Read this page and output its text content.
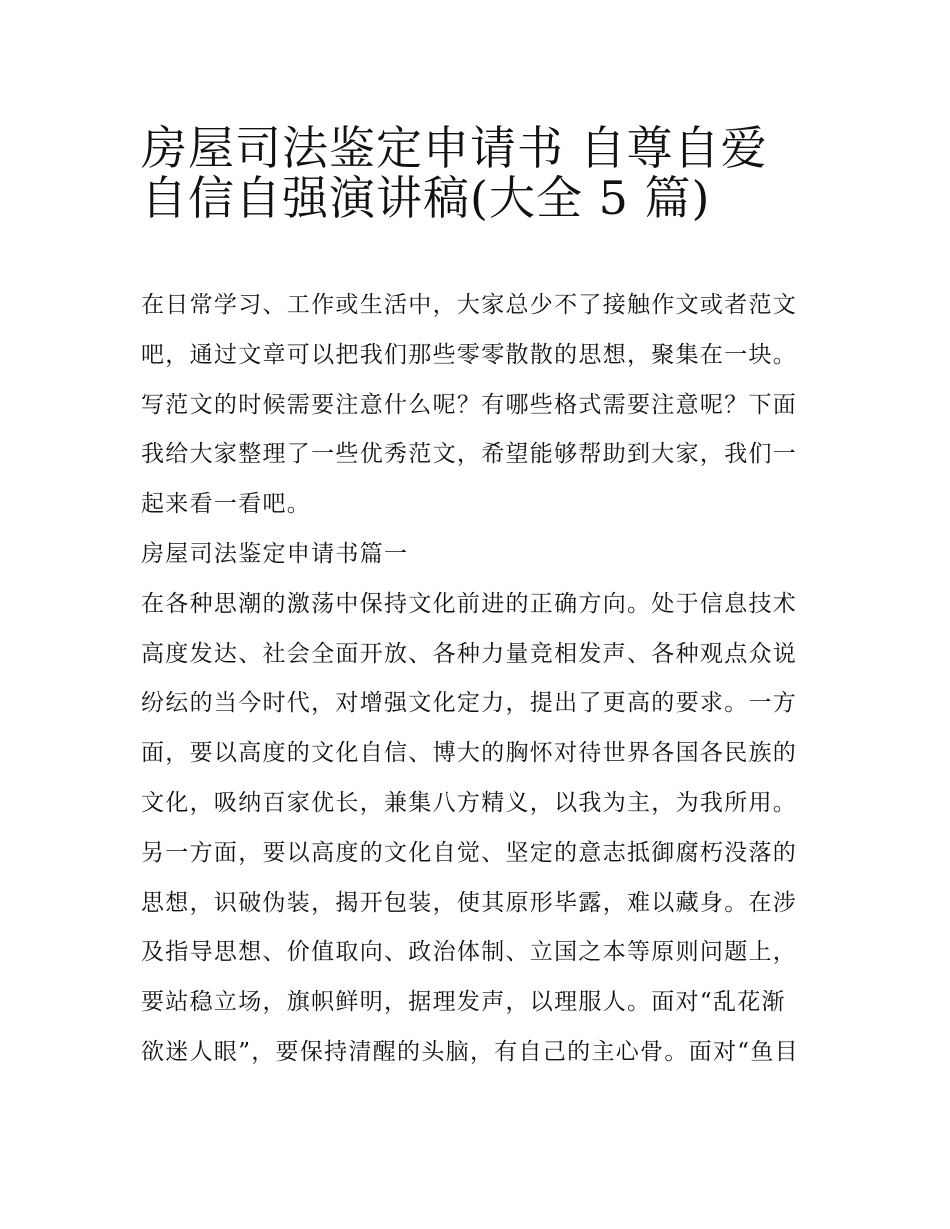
房屋司法鉴定申请书 自尊自爱
自信自强演讲稿(大全 5 篇)
在日常学习、工作或生活中，大家总少不了接触作文或者范文
吧，通过文章可以把我们那些零零散散的思想，聚集在一块。
写范文的时候需要注意什么呢？有哪些格式需要注意呢？下面
我给大家整理了一些优秀范文，希望能够帮助到大家，我们一
起来看一看吧。
房屋司法鉴定申请书篇一
在各种思潮的激荡中保持文化前进的正确方向。处于信息技术
高度发达、社会全面开放、各种力量竞相发声、各种观点众说
纷纭的当今时代，对增强文化定力，提出了更高的要求。一方
面，要以高度的文化自信、博大的胸怀对待世界各国各民族的
文化，吸纳百家优长，兼集八方精义，以我为主，为我所用。
另一方面，要以高度的文化自觉、坚定的意志抵御腐朽没落的
思想，识破伪装，揭开包装，使其原形毕露，难以藏身。在涉
及指导思想、价值取向、政治体制、立国之本等原则问题上，
要站稳立场，旗帜鲜明，据理发声，以理服人。面对“乱花渐
欲迷人眼”，要保持清醒的头脑，有自己的主心骨。面对“鱼目
